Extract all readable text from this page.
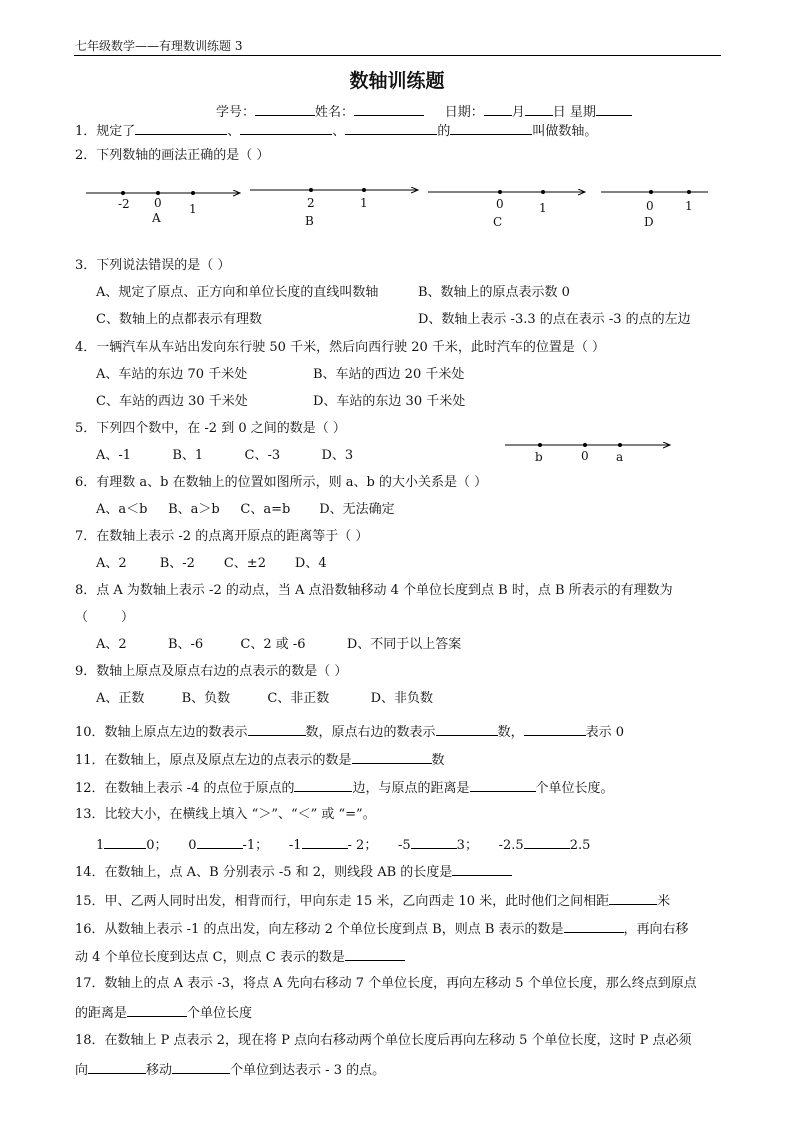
七年级数学——有理数训练题 3
数轴训练题
学号：	姓名：	日期： 月 日 星期
1．规定了	、	、	的	叫做数轴。
2．下列数轴的画法正确的是（ ）
-2 0 1
A
2	1
B
0	1
C
0	1
D
b	0 a
3．下列说法错误的是（ ）
A、规定了原点、正方向和单位长度的直线叫数轴	B、数轴上的原点表示数 0
C、数轴上的点都表示有理数	D、数轴上表示 -3.3 的点在表示 -3 的点的左边
4．一辆汽车从车站出发向东行驶 50 千米，然后向西行驶 20 千米，此时汽车的位置是（ ）
A、车站的东边 70 千米处	B、车站的西边 20 千米处
C、车站的西边 30 千米处	D、车站的东边 30 千米处
5．下列四个数中，在 -2 到 0 之间的数是（ ）
A、-1          B、1          C、-3          D、3
6．有理数 a、b 在数轴上的位置如图所示，则 a、b 的大小关系是（ ）
A、a＜b     B、a＞b     C、a=b       D、无法确定
7．在数轴上表示 -2 的点离开原点的距离等于（ ）
A、2        B、-2       C、±2       D、4
8．点 A 为数轴上表示 -2 的动点，当 A 点沿数轴移动 4 个单位长度到点 B 时，点 B 所表示的有理数为
（        ）
A、2          B、-6         C、2 或 -6          D、不同于以上答案
9．数轴上原点及原点右边的点表示的数是（ ）
A、正数         B、负数         C、非正数          D、非负数
10．数轴上原点左边的数表示	数，原点右边的数表示	数，	表示 0
11．在数轴上，原点及原点左边的点表示的数是	数
12．在数轴上表示 -4 的点位于原点的	边，与原点的距离是	个单位长度。
13．比较大小，在横线上填入 “＞”、“＜” 或 “=”。
1	0； 0	-1； -1	- 2； -5	3； -2.5	2.5
14．在数轴上，点 A、B 分别表示 -5 和 2，则线段 AB 的长度是
15．甲、乙两人同时出发，相背而行，甲向东走 15 米，乙向西走 10 米，此时他们之间相距	米
16．从数轴上表示 -1 的点出发，向左移动 2 个单位长度到点 B，则点 B 表示的数是	，再向右移
动 4 个单位长度到达点 C，则点 C 表示的数是
17．数轴上的点 A 表示 -3，将点 A 先向右移动 7 个单位长度，再向左移动 5 个单位长度，那么终点到原点
的距离是	个单位长度
18．在数轴上 P 点表示 2，现在将 P 点向右移动两个单位长度后再向左移动 5 个单位长度，这时 P 点必须
向	移动	个单位到达表示 - 3 的点。
